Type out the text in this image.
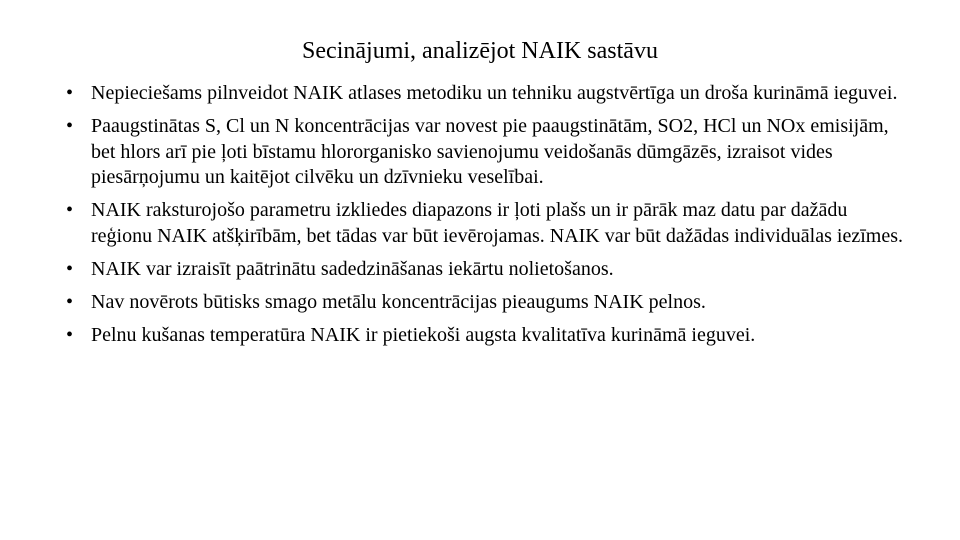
Secinājumi, analizējot NAIK sastāvu
• Nepieciešams pilnveidot NAIK atlases metodiku un tehniku augstvērtīga un droša kurināmā ieguvei.
• Paaugstinātas S, Cl un N koncentrācijas var novest pie paaugstinātām, SO2, HCl un NOx emisijām, bet hlors arī pie ļoti bīstamu hlororganisko savienojumu veidošanās dūmgāzēs, izraisot vides piesārņojumu un kaitējot cilvēku un dzīvnieku veselībai.
• NAIK raksturojošo parametru izkliedes diapazons ir ļoti plašs un ir pārāk maz datu par dažādu reģionu NAIK atšķirībām, bet tādas var būt ievērojamas. NAIK var būt dažādas individuālas iezīmes.
• NAIK var izraisīt paātrinātu sadedzināšanas iekārtu nolietošanos.
• Nav novērots būtisks smago metālu koncentrācijas pieaugums NAIK pelnos.
• Pelnu kušanas temperatūra NAIK ir pietiekoši augsta kvalitatīva kurināmā ieguvei.
